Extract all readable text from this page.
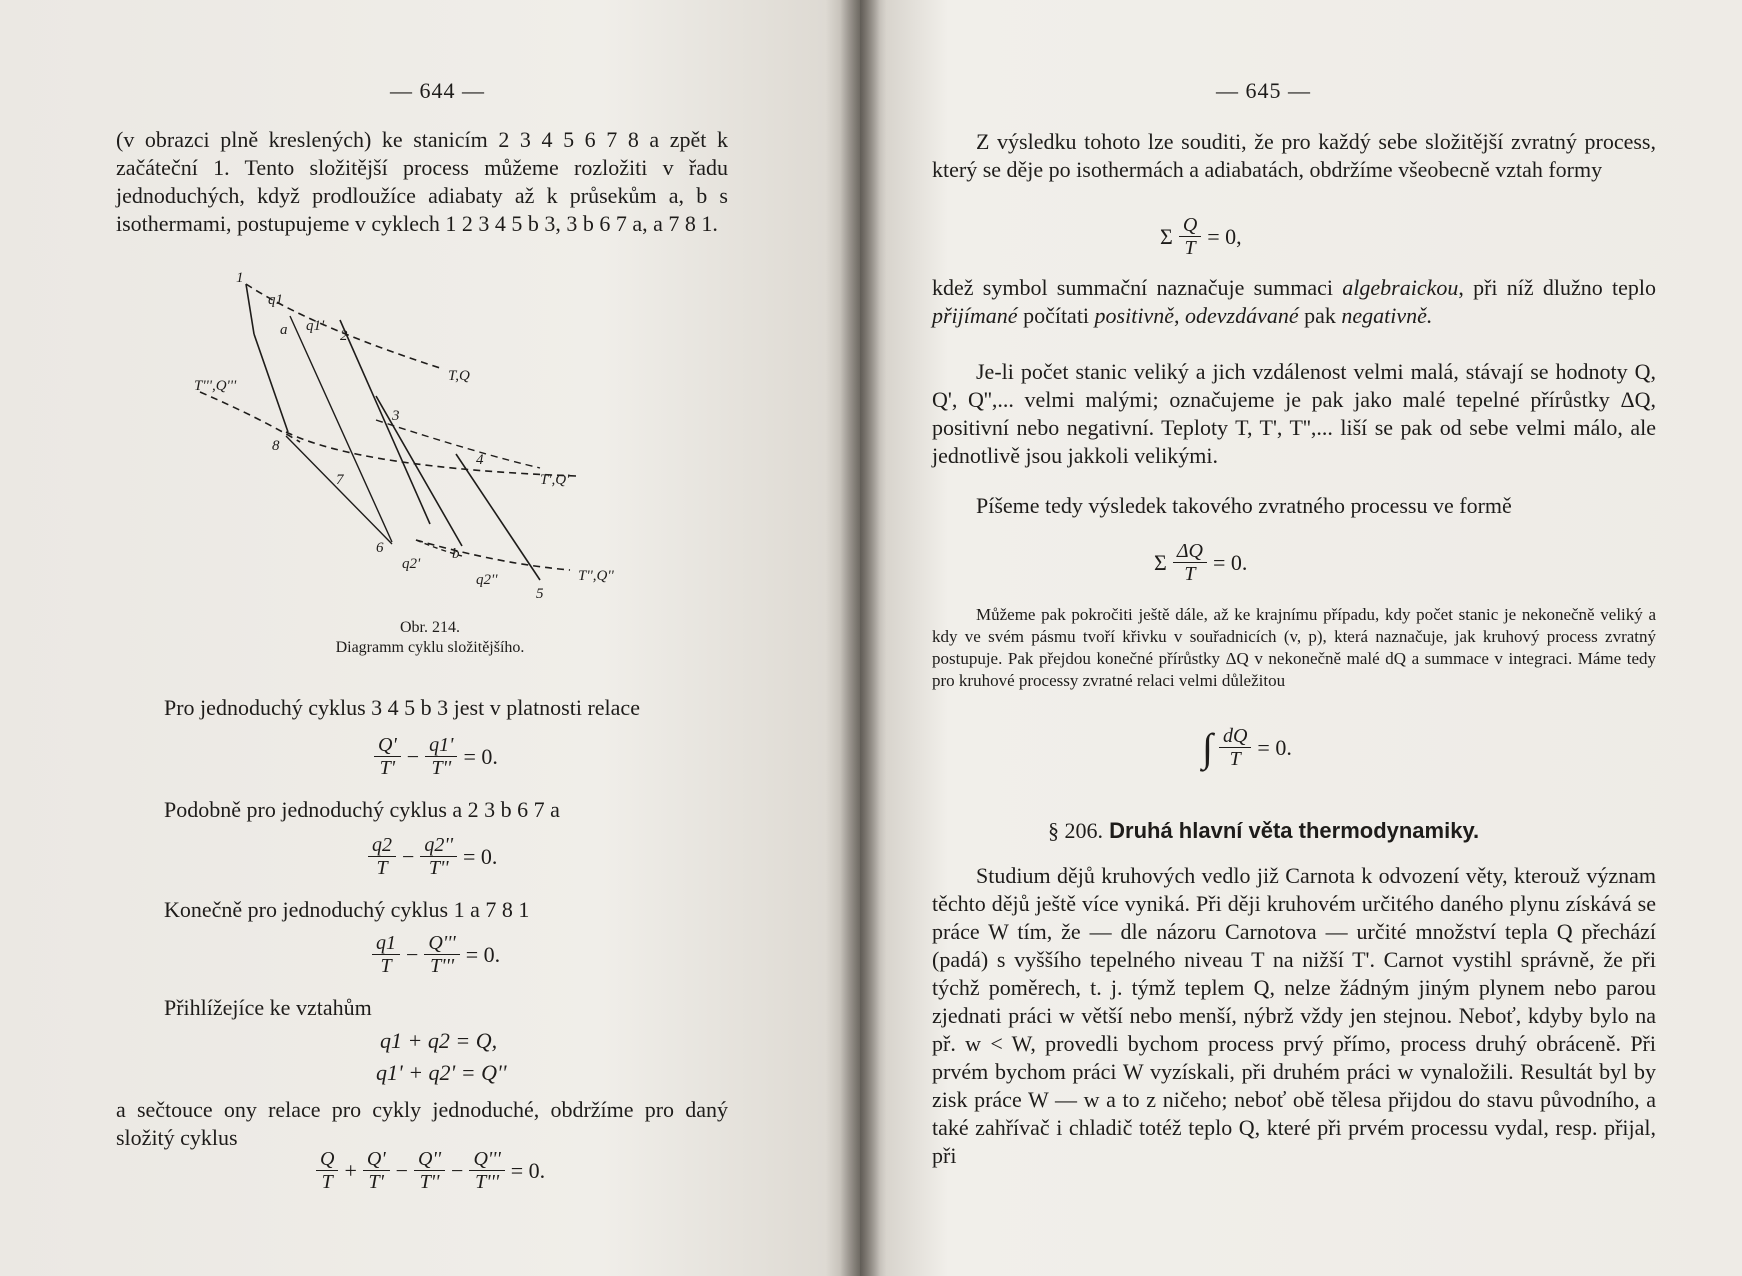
— 644 —

(v obrazci plně kreslených) ke stanicím 2 3 4 5 6 7 8 a zpět k začáteční 1. Tento složitější process můžeme rozložiti v řadu jednoduchých, když prodloužíce adiabaty až k průsekům a, b s isothermami, postupujeme v cyklech 1 2 3 4 5 b 3, 3 b 6 7 a, a 7 8 1.

1
q1
a q1'
2
T,Q
T''',Q'''
8
3
4
T',Q'
7
6
q2'
b
q2''	T'',Q''
5
Obr. 214.
Diagramm cyklu složitějšího.
Pro jednoduchý cyklus 3 4 5 b 3 jest v platnosti relace
$\frac{Q'}{T'} - \frac{q1'}{T''} = 0$.
Podobně pro jednoduchý cyklus a 2 3 b 6 7 a
$\frac{q2}{T} - \frac{q2''}{T''} = 0$.
Konečně pro jednoduchý cyklus 1 a 7 8 1
$\frac{q1}{T} - \frac{Q'''}{T'''} = 0$.
Přihlížejíce ke vztahům
q1 + q2 = Q,
q1' + q2' = Q''
a sečtouce ony relace pro cykly jednoduché, obdržíme pro daný složitý cyklus
$\frac{Q}{T} + \frac{Q'}{T'} - \frac{Q''}{T''} - \frac{Q'''}{T'''} = 0$.
— 645 —
Z výsledku tohoto lze souditi, že pro každý sebe složitější zvratný process, který se děje po isothermách a adiabatách, obdržíme všeobecně vztah formy
Σ $\frac{Q}{T} = 0$,
kdež symbol summační naznačuje summaci algebraickou, při níž dlužno teplo přijímané počítati positivně, odevzdávané pak negativně.
Je-li počet stanic veliký a jich vzdálenost velmi malá, stávají se hodnoty Q, Q', Q'',... velmi malými; označujeme je pak jako malé tepelné přírůstky ΔQ, positivní nebo negativní. Teploty T, T', T'',... liší se pak od sebe velmi málo, ale jednotlivě jsou jakkoli velikými.
Píšeme tedy výsledek takového zvratného processu ve formě
Σ $\frac{\Delta Q}{T} = 0$.
Můžeme pak pokročiti ještě dále, až ke krajnímu případu, kdy počet stanic je nekonečně veliký a kdy ve svém pásmu tvoří křivku v souřadnicích (v, p), která naznačuje, jak kruhový process zvratný postupuje. Pak přejdou konečné přírůstky ΔQ v nekonečně malé dQ a summace v integraci. Máme tedy pro kruhové processy zvratné relaci velmi důležitou
∫ $\frac{dQ}{T} = 0$.
§ 206. Druhá hlavní věta thermodynamiky.
Studium dějů kruhových vedlo již Carnota k odvození věty, kterouž význam těchto dějů ještě více vyniká. Při ději kruhovém určitého daného plynu získává se práce W tím, že — dle názoru Carnotova — určité množství tepla Q přechází (padá) s vyššího tepelného niveau T na nižší T'. Carnot vystihl správně, že při týchž poměrech, t. j. týmž teplem Q, nelze žádným jiným plynem nebo parou zjednati práci w větší nebo menší, nýbrž vždy jen stejnou. Neboť, kdyby bylo na př. w < W, provedli bychom process prvý přímo, process druhý obráceně. Při prvém bychom práci W vyzískali, při druhém práci w vynaložili. Resultát byl by zisk práce W — w a to z ničeho; neboť obě tělesa přijdou do stavu původního, a také zahřívač i chladič totéž teplo Q, které při prvém processu vydal, resp. přijal, při
